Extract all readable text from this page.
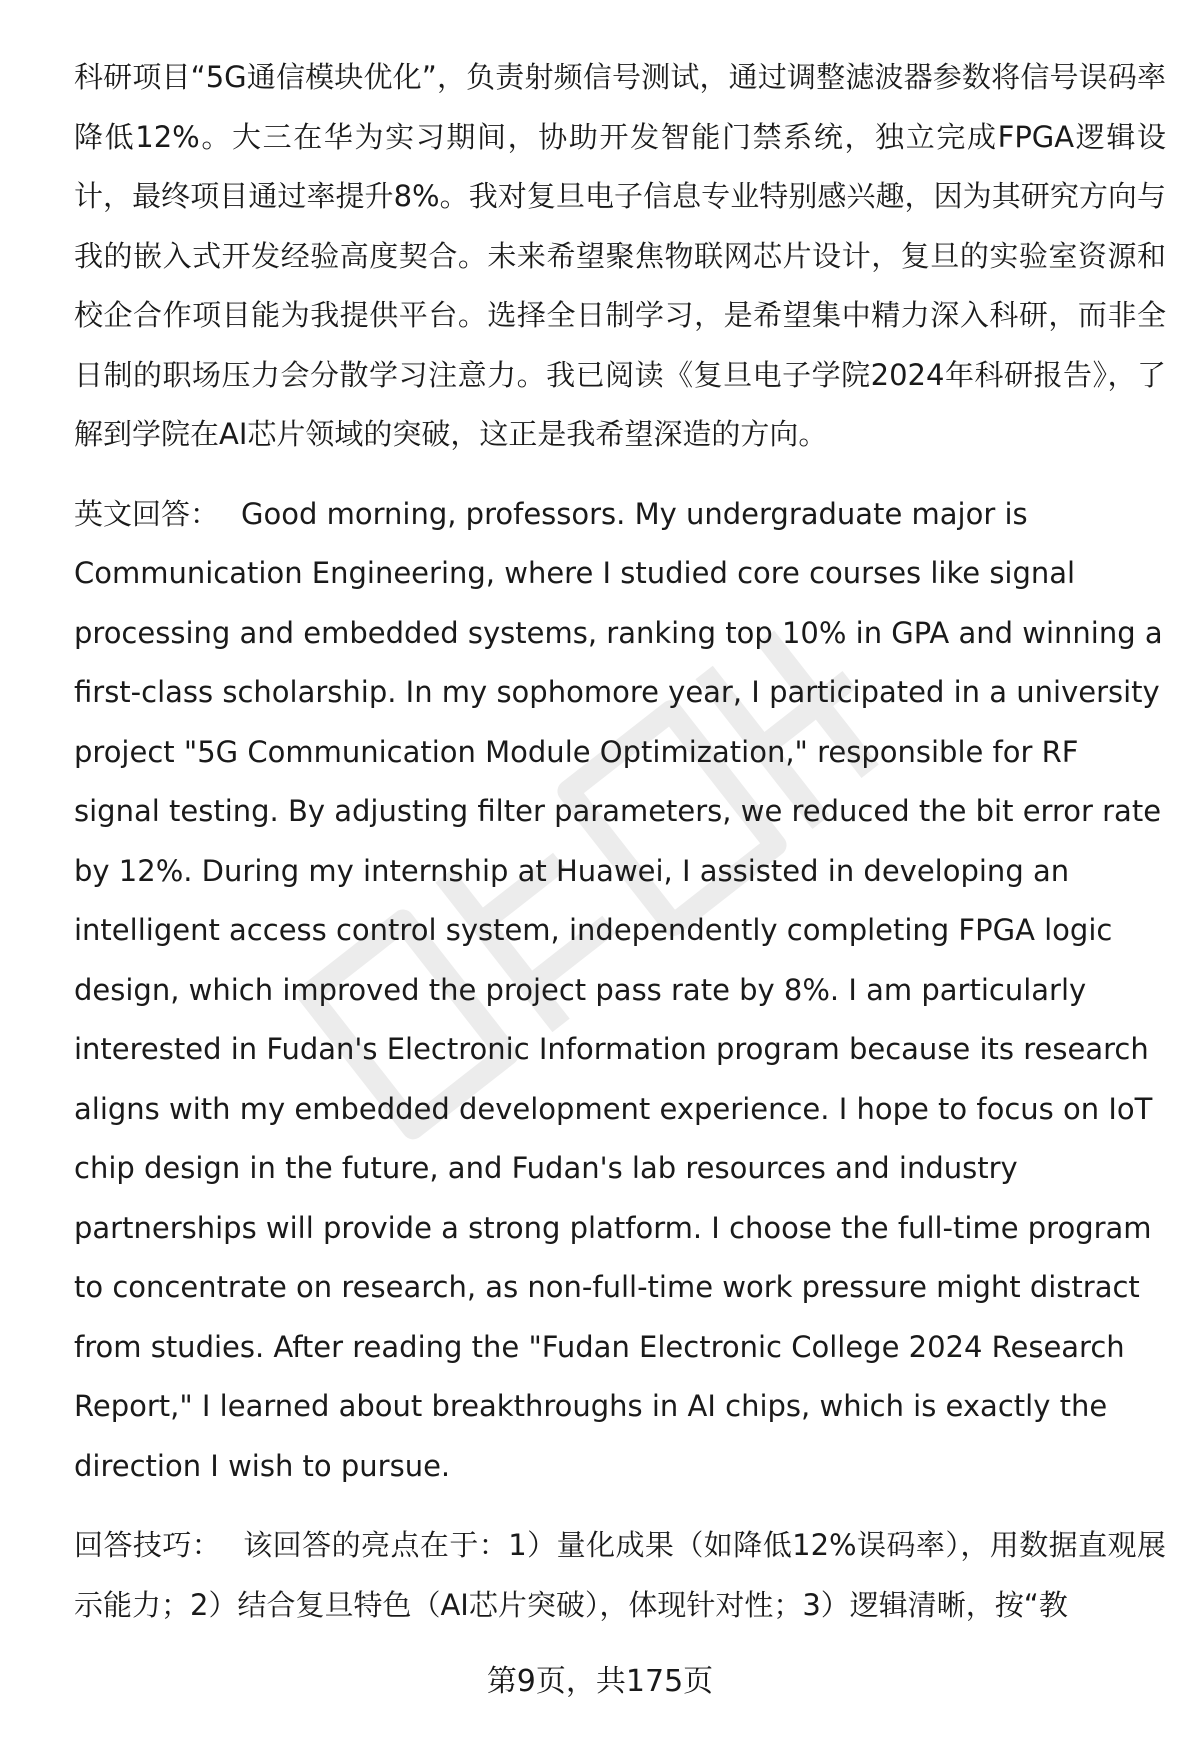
科研项目“5G通信模块优化”，负责射频信号测试，通过调整滤波器参数将信号误码率降低12%。大三在华为实习期间，协助开发智能门禁系统，独立完成FPGA逻辑设计，最终项目通过率提升8%。我对复旦电子信息专业特别感兴趣，因为其研究方向与我的嵌入式开发经验高度契合。未来希望聚焦物联网芯片设计，复旦的实验室资源和校企合作项目能为我提供平台。选择全日制学习，是希望集中精力深入科研，而非全日制的职场压力会分散学习注意力。我已阅读《复旦电子学院2024年科研报告》，了解到学院在AI芯片领域的突破，这正是我希望深造的方向。

英文回答： Good morning, professors. My undergraduate major is Communication Engineering, where I studied core courses like signal processing and embedded systems, ranking top 10% in GPA and winning a first-class scholarship. In my sophomore year, I participated in a university project "5G Communication Module Optimization," responsible for RF signal testing. By adjusting filter parameters, we reduced the bit error rate by 12%. During my internship at Huawei, I assisted in developing an intelligent access control system, independently completing FPGA logic design, which improved the project pass rate by 8%. I am particularly interested in Fudan's Electronic Information program because its research aligns with my embedded development experience. I hope to focus on IoT chip design in the future, and Fudan's lab resources and industry partnerships will provide a strong platform. I choose the full-time program to concentrate on research, as non-full-time work pressure might distract from studies. After reading the "Fudan Electronic College 2024 Research Report," I learned about breakthroughs in AI chips, which is exactly the direction I wish to pursue.

回答技巧： 该回答的亮点在于：1）量化成果（如降低12%误码率），用数据直观展示能力；2）结合复旦特色（AI芯片突破），体现针对性；3）逻辑清晰，按“教

第9页，共175页
